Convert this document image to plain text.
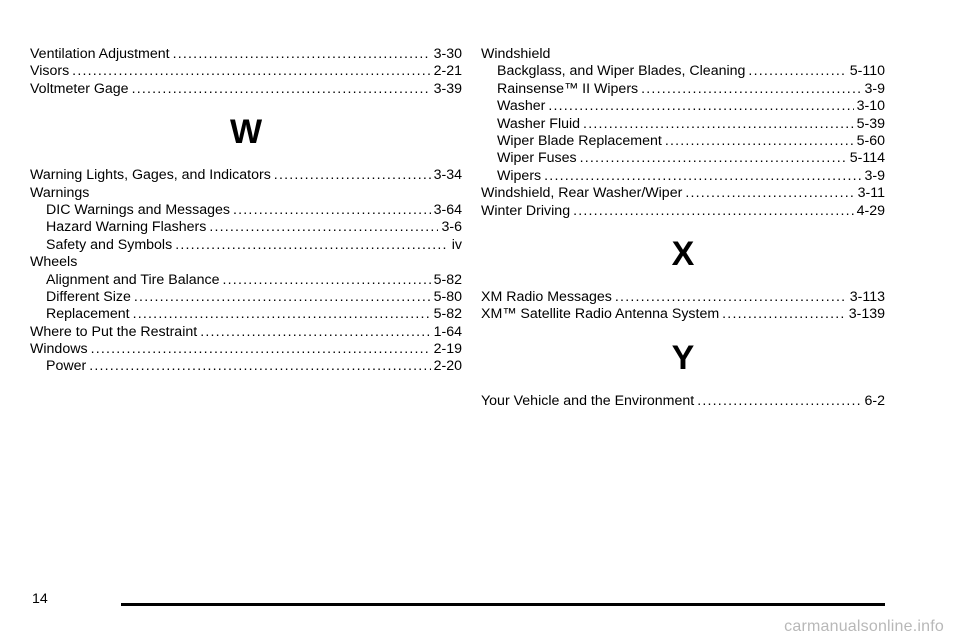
Ventilation Adjustment .....	3-30
Visors .....	2-21
Voltmeter Gage .....	3-39
W
Warning Lights, Gages, and Indicators .....	3-34
Warnings
DIC Warnings and Messages .....	3-64
Hazard Warning Flashers .....	3-6
Safety and Symbols .....	iv
Wheels
Alignment and Tire Balance .....	5-82
Different Size .....	5-80
Replacement .....	5-82
Where to Put the Restraint .....	1-64
Windows .....	2-19
Power .....	2-20
Windshield
Backglass, and Wiper Blades, Cleaning .....	5-110
Rainsense™ II Wipers .....	3-9
Washer .....	3-10
Washer Fluid .....	5-39
Wiper Blade Replacement .....	5-60
Wiper Fuses .....	5-114
Wipers .....	3-9
Windshield, Rear Washer/Wiper .....	3-11
Winter Driving .....	4-29
X
XM Radio Messages .....	3-113
XM™ Satellite Radio Antenna System .....	3-139
Y
Your Vehicle and the Environment .....	6-2
14
carmanualsonline.info
